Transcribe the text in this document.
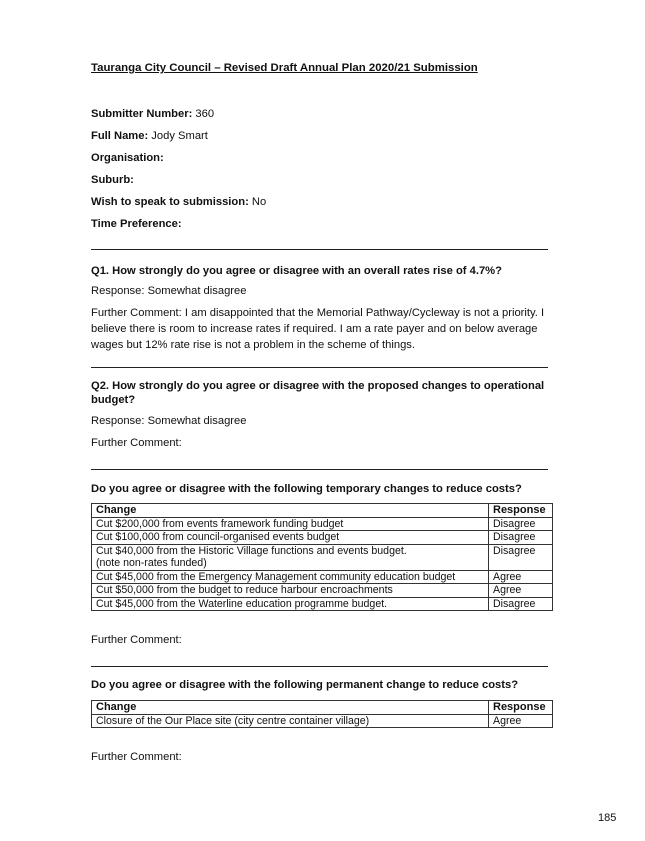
Tauranga City Council – Revised Draft Annual Plan 2020/21 Submission
Submitter Number: 360
Full Name: Jody Smart
Organisation:
Suburb:
Wish to speak to submission: No
Time Preference:
Q1. How strongly do you agree or disagree with an overall rates rise of 4.7%?
Response: Somewhat disagree
Further Comment: I am disappointed that the Memorial Pathway/Cycleway is not a priority. I believe there is room to increase rates if required. I am a rate payer and on below average wages but 12% rate rise is not a problem in the scheme of things.
Q2. How strongly do you agree or disagree with the proposed changes to operational budget?
Response: Somewhat disagree
Further Comment:
Do you agree or disagree with the following temporary changes to reduce costs?
Change	Response
Cut $200,000 from events framework funding budget	Disagree
Cut $100,000 from council-organised events budget	Disagree
Cut $40,000 from the Historic Village functions and events budget.
(note non-rates funded)	Disagree
Cut $45,000 from the Emergency Management community education budget	Agree
Cut $50,000 from the budget to reduce harbour encroachments	Agree
Cut $45,000 from the Waterline education programme budget.	Disagree
Further Comment:
Do you agree or disagree with the following permanent change to reduce costs?
Change	Response
Closure of the Our Place site (city centre container village)	Agree
Further Comment:
185
